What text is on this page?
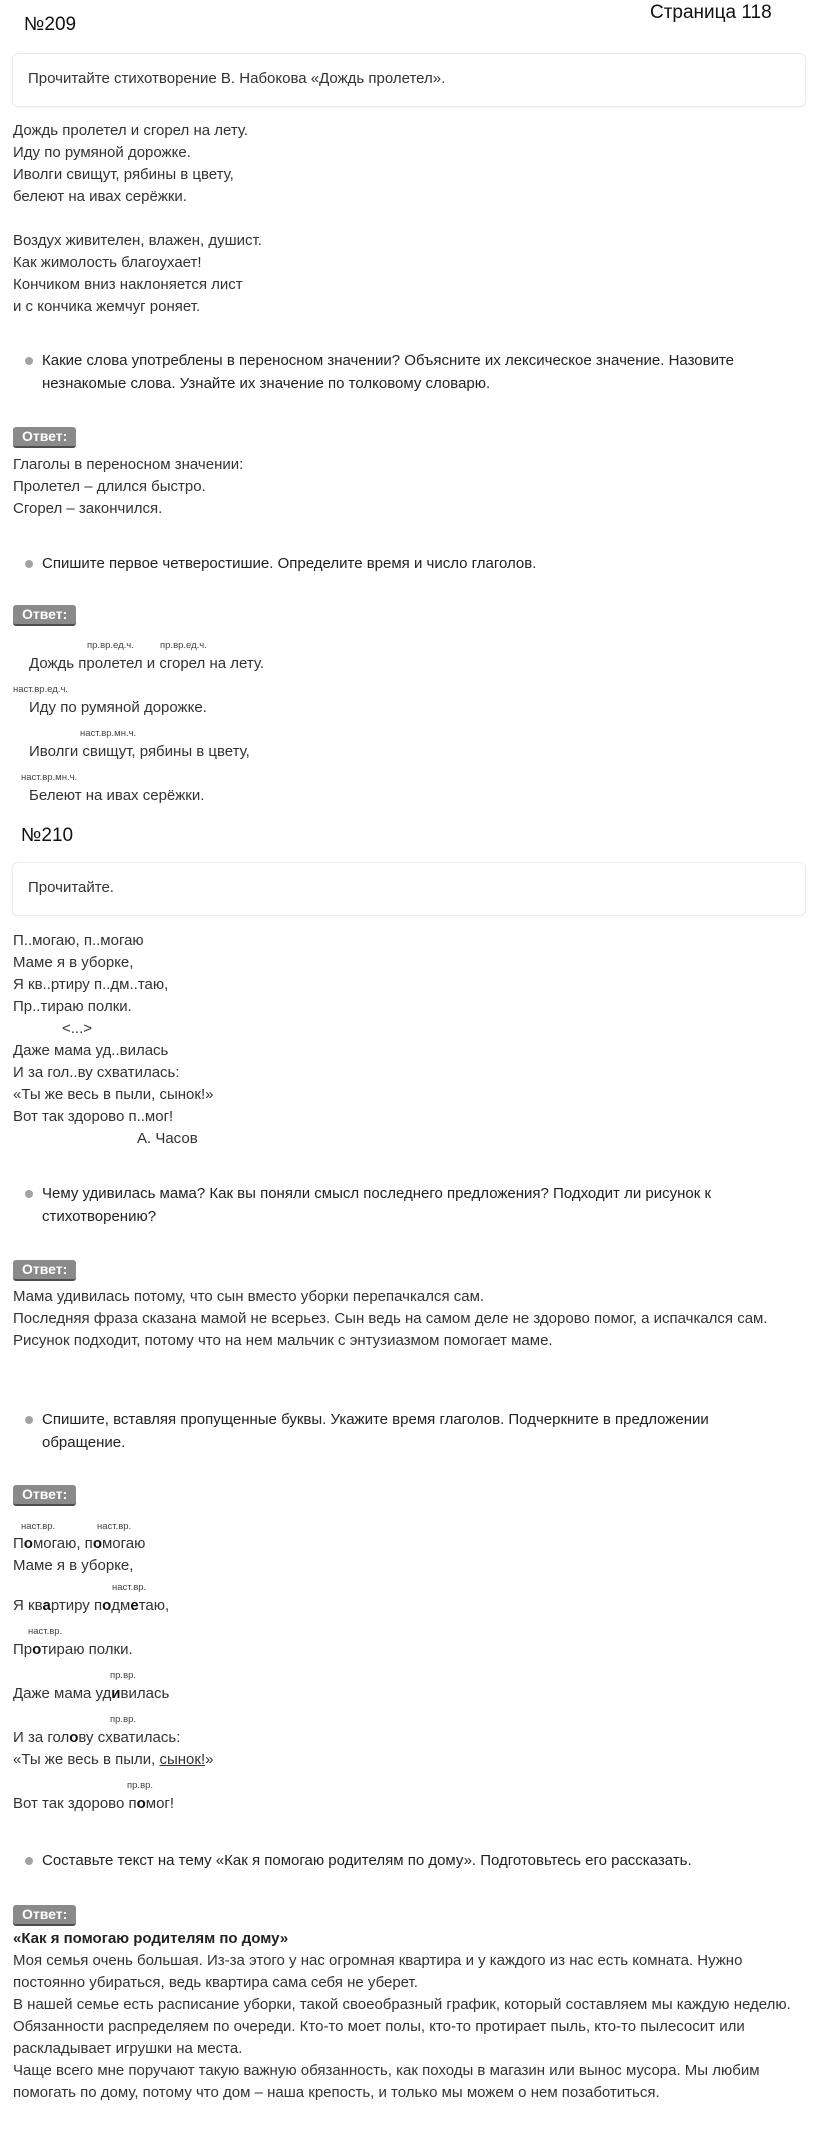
№209
Страница 118
Прочитайте стихотворение В. Набокова «Дождь пролетел».
Дождь пролетел и сгорел на лету.
Иду по румяной дорожке.
Иволги свищут, рябины в цвету,
белеют на ивах серёжки.
Воздух живителен, влажен, душист.
Как жимолость благоухает!
Кончиком вниз наклоняется лист
и с кончика жемчуг роняет.
Какие слова употреблены в переносном значении? Объясните их лексическое значение. Назовите незнакомые слова. Узнайте их значение по толковому словарю.
Ответ:
Глаголы в переносном значении:
Пролетел – длился быстро.
Сгорел – закончился.
Спишите первое четверостишие. Определите время и число глаголов.
Ответ:
пр.вр.ед.ч.	пр.вр.ед.ч.
Дождь пролетел и сгорел на лету.
наст.вр.ед.ч.
Иду по румяной дорожке.
наст.вр.мн.ч.
Иволги свищут, рябины в цвету,
наст.вр.мн.ч.
Белеют на ивах серёжки.
№210
Прочитайте.
П..могаю, п..могаю
Маме я в уборке,
Я кв..ртиру п..дм..таю,
Пр..тираю полки.
<...>
Даже мама уд..вилась
И за гол..ву схватилась:
«Ты же весь в пыли, сынок!»
Вот так здорово п..мог!
А. Часов
Чему удивилась мама? Как вы поняли смысл последнего предложения? Подходит ли рисунок к стихотворению?
Ответ:
Мама удивилась потому, что сын вместо уборки перепачкался сам.
Последняя фраза сказана мамой не всерьез. Сын ведь на самом деле не здорово помог, а испачкался сам.
Рисунок подходит, потому что на нем мальчик с энтузиазмом помогает маме.
Спишите, вставляя пропущенные буквы. Укажите время глаголов. Подчеркните в предложении обращение.
Ответ:
наст.вр.	наст.вр.
Помогаю, помогаю
Маме я в уборке,
наст.вр.
Я квартиру подметаю,
наст.вр.
Протираю полки.
пр.вр.
Даже мама удивилась
пр.вр.
И за голову схватилась:
«Ты же весь в пыли, сынок!»
пр.вр.
Вот так здорово помог!
Составьте текст на тему «Как я помогаю родителям по дому». Подготовьтесь его рассказать.
Ответ:
«Как я помогаю родителям по дому»
Моя семья очень большая. Из-за этого у нас огромная квартира и у каждого из нас есть комната. Нужно постоянно убираться, ведь квартира сама себя не уберет.
В нашей семье есть расписание уборки, такой своеобразный график, который составляем мы каждую неделю.
Обязанности распределяем по очереди. Кто-то моет полы, кто-то протирает пыль, кто-то пылесосит или раскладывает игрушки на места.
Чаще всего мне поручают такую важную обязанность, как походы в магазин или вынос мусора. Мы любим помогать по дому, потому что дом – наша крепость, и только мы можем о нем позаботиться.
